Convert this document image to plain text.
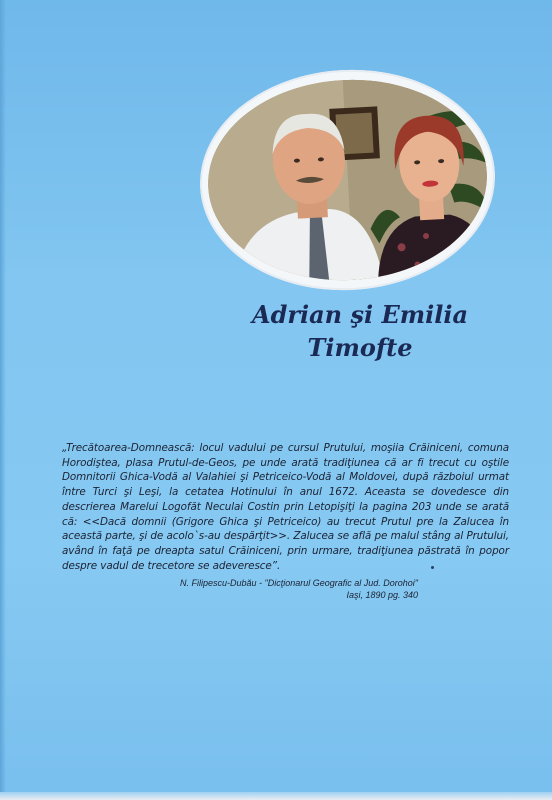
Adrian şi Emilia
Timofte
„Trecătoarea-Domnească: locul vadului pe cursul Prutului, moşiia Crăiniceni, comuna Horodiştea, plasa Prutul-de-Geos, pe unde arată tradiţiunea că ar fi trecut cu oştile Domnitorii Ghica-Vodă al Valahiei şi Petriceico-Vodă al Moldovei, după războiul urmat între Turci şi Leşi, la cetatea Hotinului în anul 1672. Aceasta se dovedesce din descrierea Marelui Logofăt Neculai Costin prin Letopişiţi la pagina 203 unde se arată că: <<Dacă domnii (Grigore Ghica şi Petriceico) au trecut Prutul pre la Zalucea în această parte, şi de acolo`s-au despărţit>>. Zalucea se află pe malul stâng al Prutului, având în faţă pe dreapta satul Crăiniceni, prin urmare, tradiţiunea păstrată în popor despre vadul de trecetore se adeveresce”.
N. Filipescu-Dubău - "Dicţionarul Geografic al Jud. Dorohoi"
Iaşi, 1890 pg. 340
